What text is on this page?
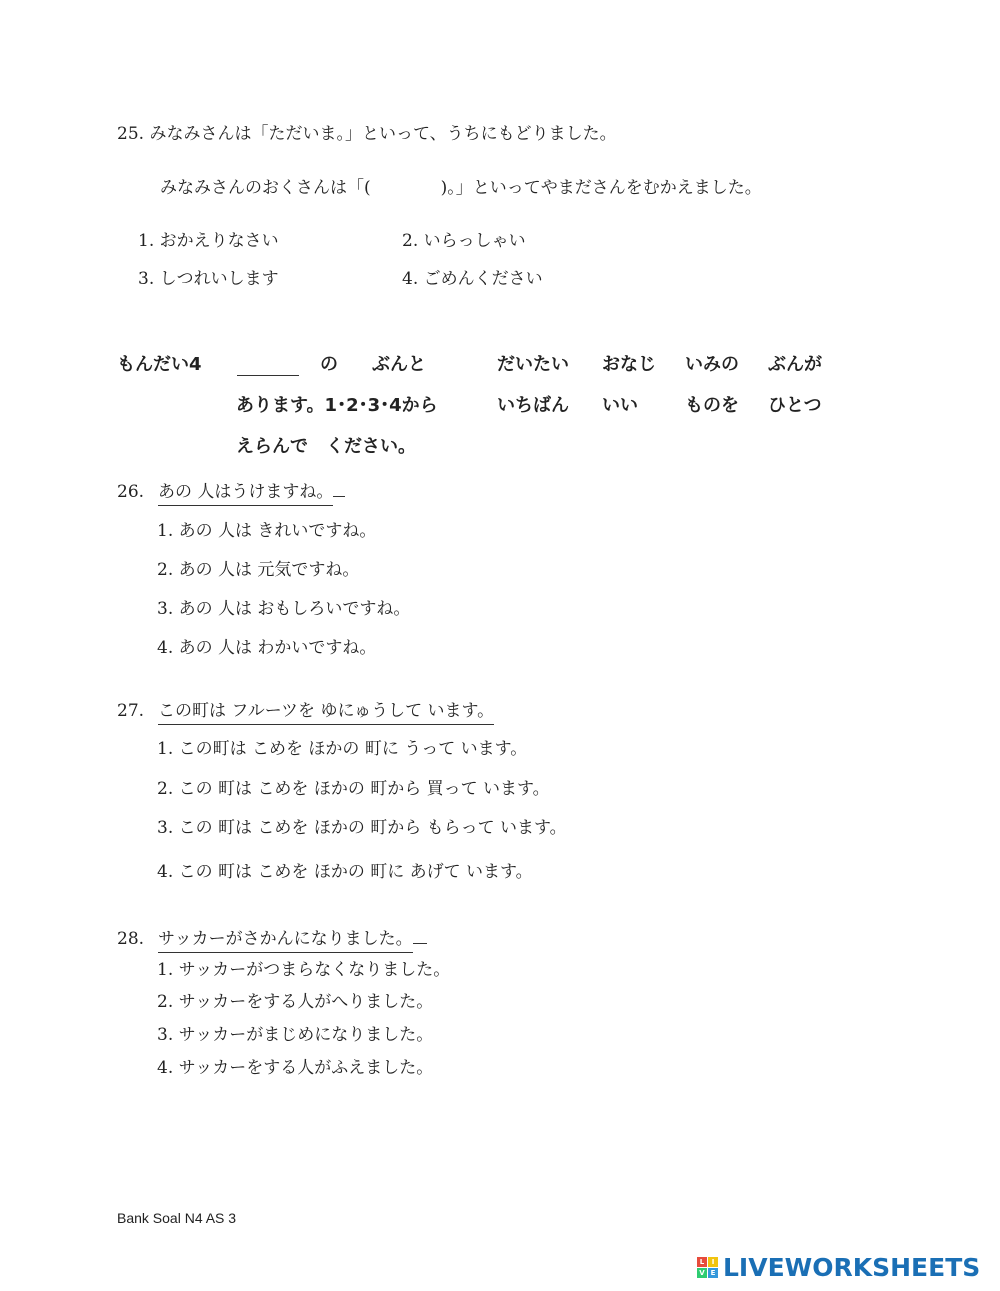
25. みなみさんは「ただいま。」といって、うちにもどりました。
みなみさんのおくさんは「(	)。」といってやまださんをむかえました。
1. おかえりなさい	2. いらっしゃい
3. しつれいします	4. ごめんください
もんだい4	の ぶんと	だいたい おなじ いみの ぶんが
あります。1･2･3･4から	いちばん いい	ものを ひとつ
えらんで　ください。
26. あの 人はうけますね。
1. あの 人は きれいですね。
2. あの 人は 元気ですね。
3. あの 人は おもしろいですね。
4. あの 人は わかいですね。
27. この町は フルーツを ゆにゅうして います。
1. この町は こめを ほかの 町に うって います。
2. この 町は こめを ほかの 町から 買って います。
3. この 町は こめを ほかの 町から もらって います。
4. この 町は こめを ほかの 町に あげて います。
28. サッカーがさかんになりました。
1. サッカーがつまらなくなりました。
2. サッカーをする人がへりました。
3. サッカーがまじめになりました。
4. サッカーをする人がふえました。
Bank Soal N4 AS 3
L	I
V E LIVEWORKSHEETS
